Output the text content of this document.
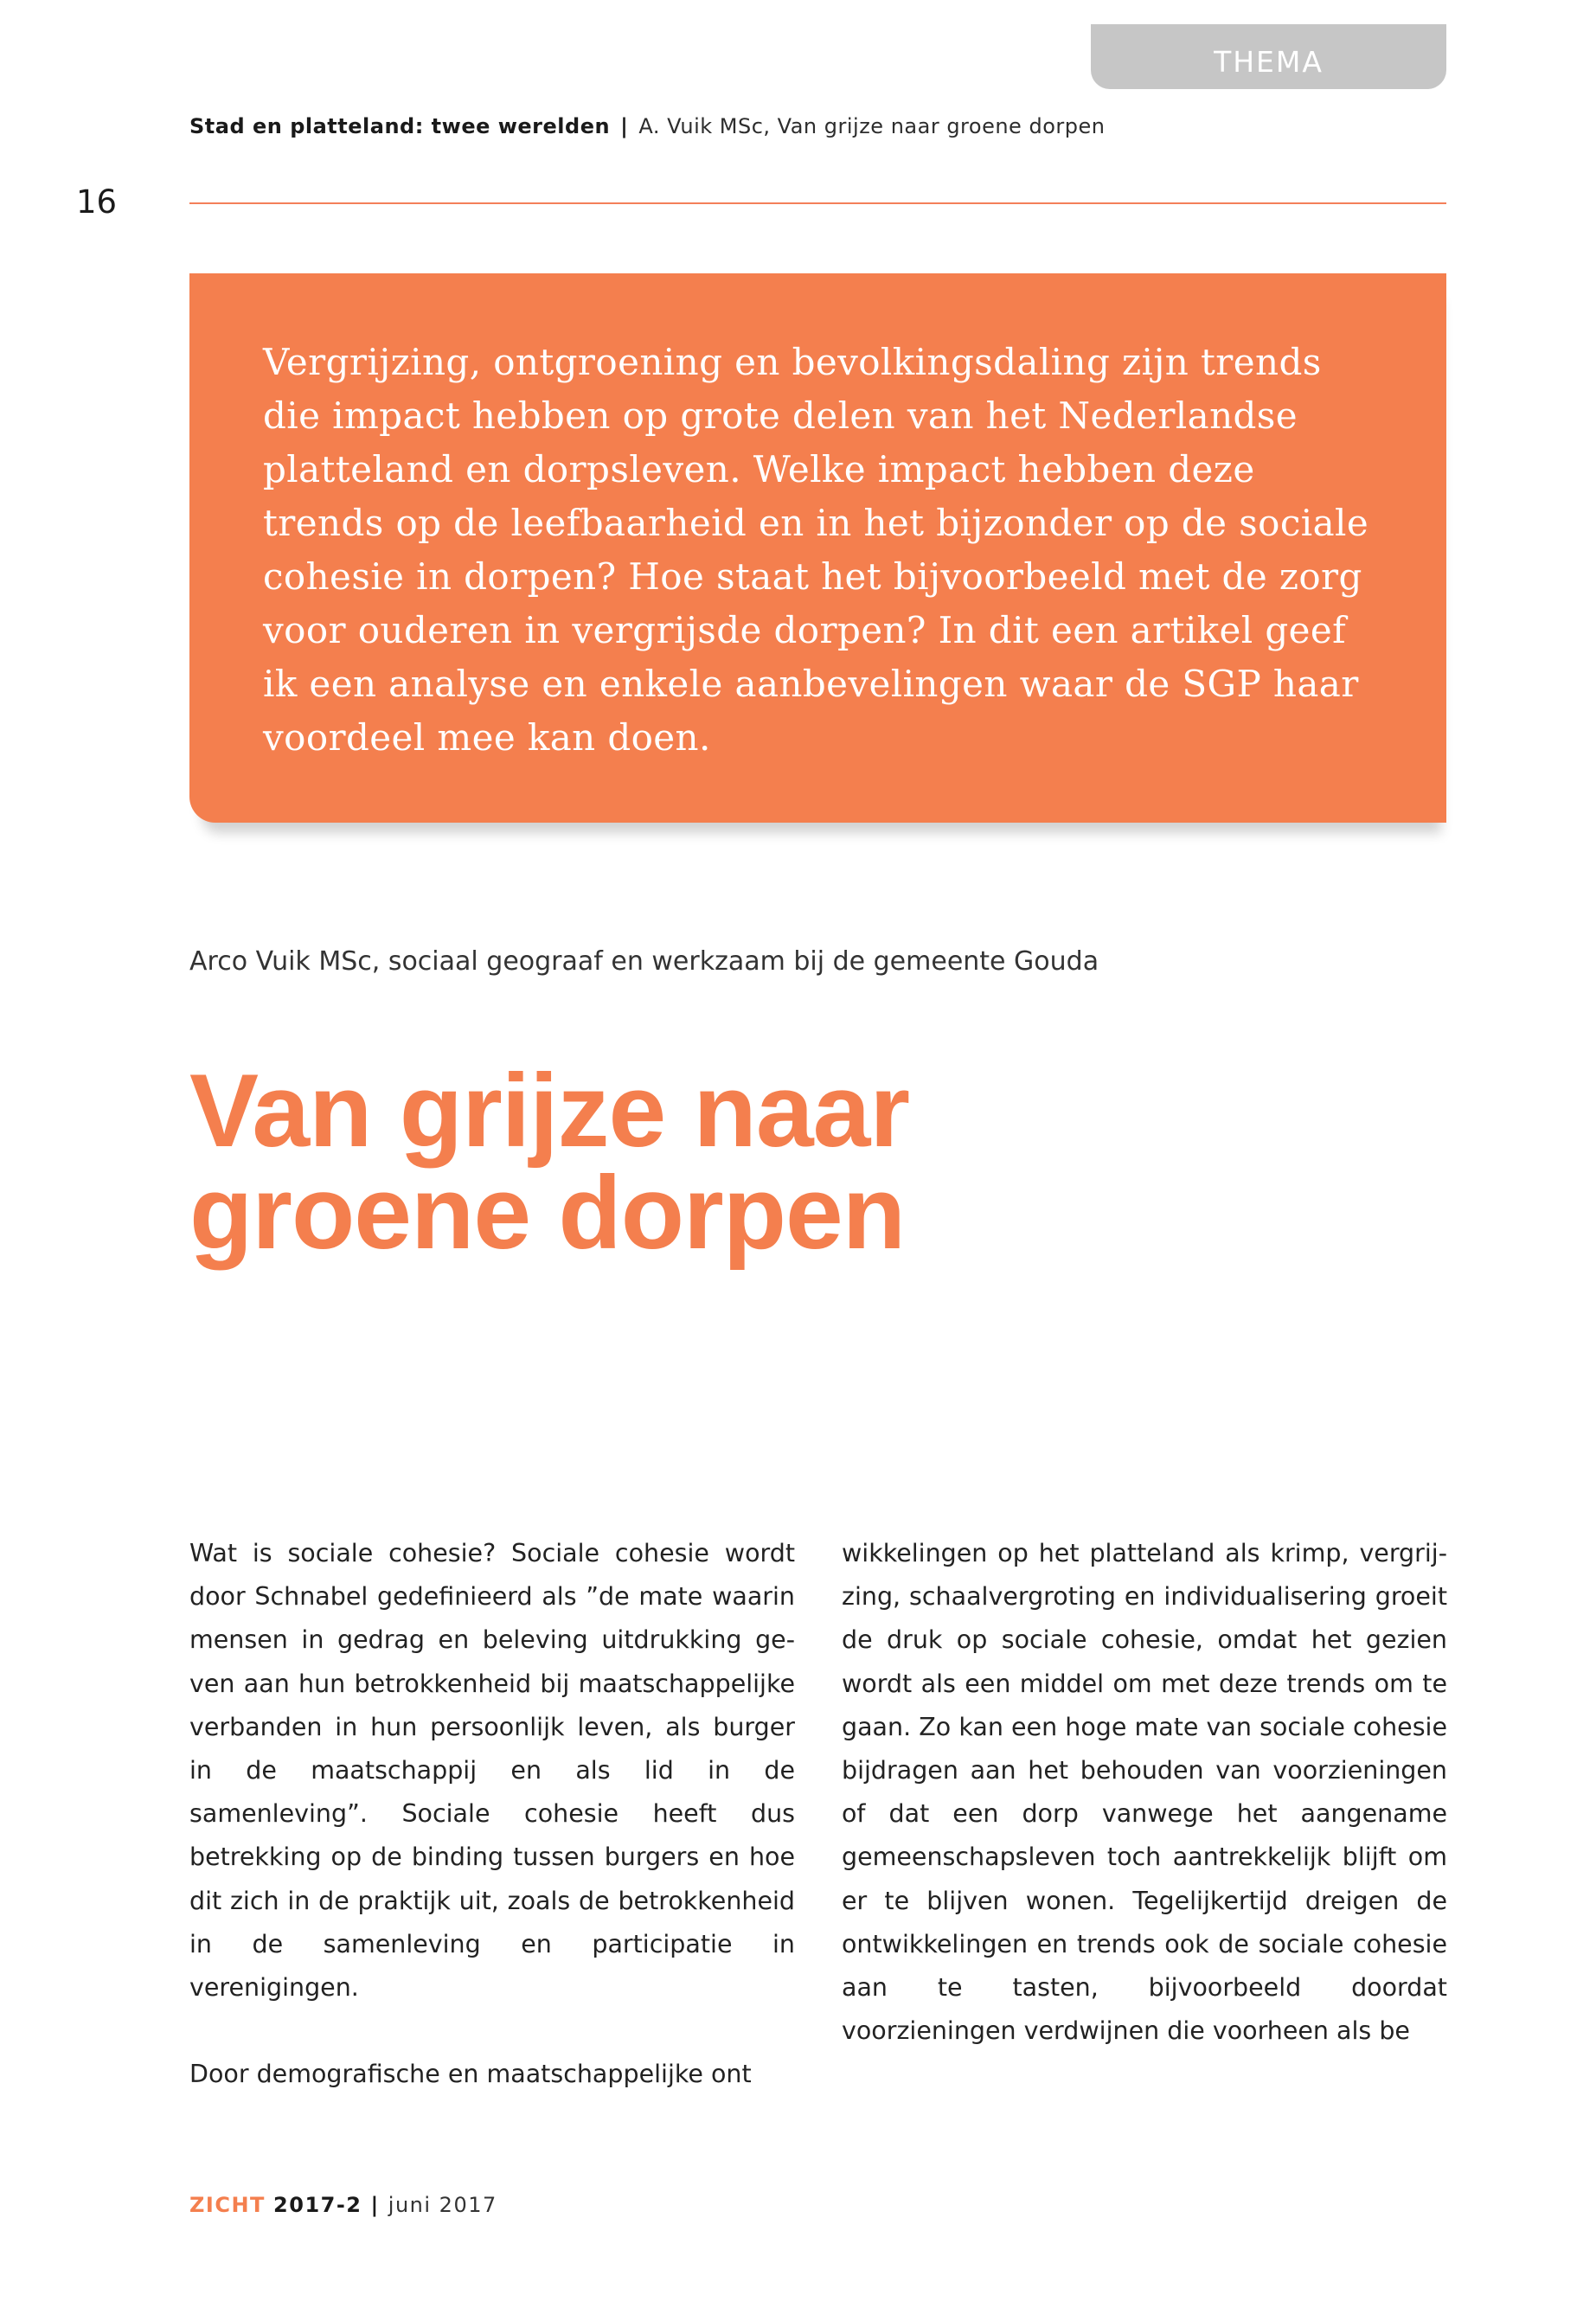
THEMA
Stad en platteland: twee werelden | A. Vuik MSc, Van grijze naar groene dorpen
16

Vergrijzing, ontgroening en bevolkingsdaling zijn trends die impact hebben op grote delen van het Nederlandse platteland en dorpsleven. Welke impact hebben deze trends op de leefbaarheid en in het bijzonder op de sociale cohesie in dorpen? Hoe staat het bijvoorbeeld met de zorg voor ouderen in vergrijsde dorpen? In dit een artikel geef ik een analyse en enkele aanbevelingen waar de SGP haar voordeel mee kan doen.

Arco Vuik MSc, sociaal geograaf en werkzaam bij de gemeente Gouda
Van grijze naar
groene dorpen

Wat is sociale cohesie? Sociale cohesie wordt door Schnabel gedefinieerd als ”de mate waarin mensen in gedrag en beleving uitdrukking geven aan hun betrokkenheid bij maatschappelijke verbanden in hun persoonlijk leven, als burger in de maatschappij en als lid in de samenleving”. Sociale cohesie heeft dus betrekking op de binding tussen burgers en hoe dit zich in de praktijk uit, zoals de betrokkenheid in de samenleving en participatie in verenigingen.

Door demografische en maatschappelijke ont

wikkelingen op het platteland als krimp, vergrijzing, schaalvergroting en individualisering groeit de druk op sociale cohesie, omdat het gezien wordt als een middel om met deze trends om te gaan. Zo kan een hoge mate van sociale cohesie bijdragen aan het behouden van voorzieningen of dat een dorp vanwege het aangename gemeenschapsleven toch aantrekkelijk blijft om er te blijven wonen. Tegelijkertijd dreigen de ontwikkelingen en trends ook de sociale cohesie aan te tasten, bijvoorbeeld doordat voorzieningen verdwijnen die voorheen als be

ZICHT 2017-2 | juni 2017
